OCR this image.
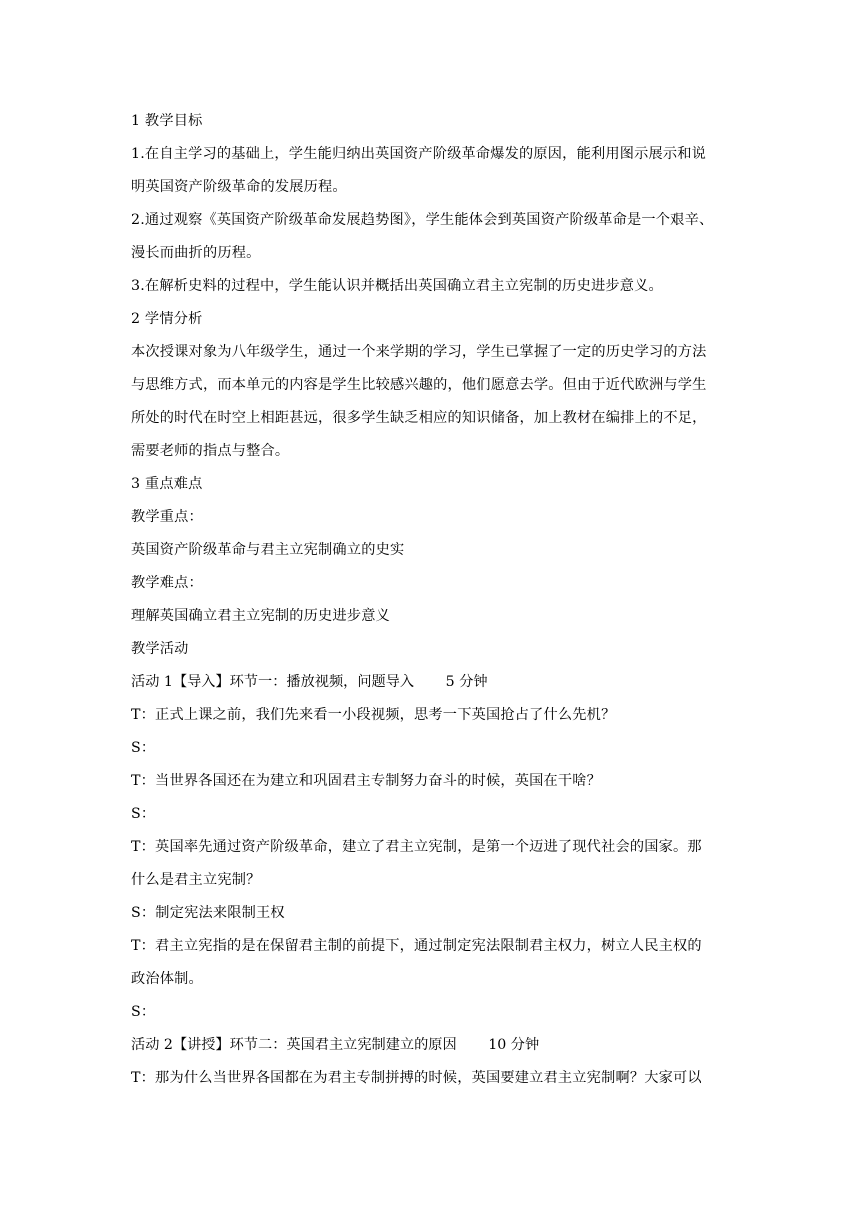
1 教学目标
1.在自主学习的基础上，学生能归纳出英国资产阶级革命爆发的原因，能利用图示展示和说
明英国资产阶级革命的发展历程。
2.通过观察《英国资产阶级革命发展趋势图》，学生能体会到英国资产阶级革命是一个艰辛、
漫长而曲折的历程。
3.在解析史料的过程中，学生能认识并概括出英国确立君主立宪制的历史进步意义。
2 学情分析
本次授课对象为八年级学生，通过一个来学期的学习，学生已掌握了一定的历史学习的方法
与思维方式，而本单元的内容是学生比较感兴趣的，他们愿意去学。但由于近代欧洲与学生
所处的时代在时空上相距甚远，很多学生缺乏相应的知识储备，加上教材在编排上的不足，
需要老师的指点与整合。
3 重点难点
教学重点：
英国资产阶级革命与君主立宪制确立的史实
教学难点：
理解英国确立君主立宪制的历史进步意义
教学活动
活动 1【导入】环节一：播放视频，问题导入       5 分钟
T：正式上课之前，我们先来看一小段视频，思考一下英国抢占了什么先机？
S：
T：当世界各国还在为建立和巩固君主专制努力奋斗的时候，英国在干啥？
S：
T：英国率先通过资产阶级革命，建立了君主立宪制，是第一个迈进了现代社会的国家。那
什么是君主立宪制？
S：制定宪法来限制王权
T：君主立宪指的是在保留君主制的前提下，通过制定宪法限制君主权力，树立人民主权的
政治体制。
S：
活动 2【讲授】环节二：英国君主立宪制建立的原因       10 分钟
T：那为什么当世界各国都在为君主专制拼搏的时候，英国要建立君主立宪制啊？大家可以
